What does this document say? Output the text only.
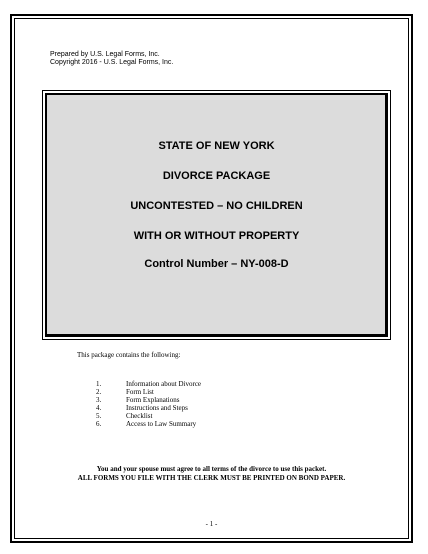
Prepared by U.S. Legal Forms, Inc.
Copyright 2016 - U.S. Legal Forms, Inc.
STATE OF NEW YORK
DIVORCE PACKAGE
UNCONTESTED – NO CHILDREN
WITH OR WITHOUT PROPERTY
Control Number – NY-008-D
This package contains the following:
1.	Information about Divorce
2.	Form List
3.	Form Explanations
4.	Instructions and Steps
5.	Checklist
6.	Access to Law Summary
You and your spouse must agree to all terms of the divorce to use this packet.
ALL FORMS YOU FILE WITH THE CLERK MUST BE PRINTED ON BOND PAPER.
- 1 -
